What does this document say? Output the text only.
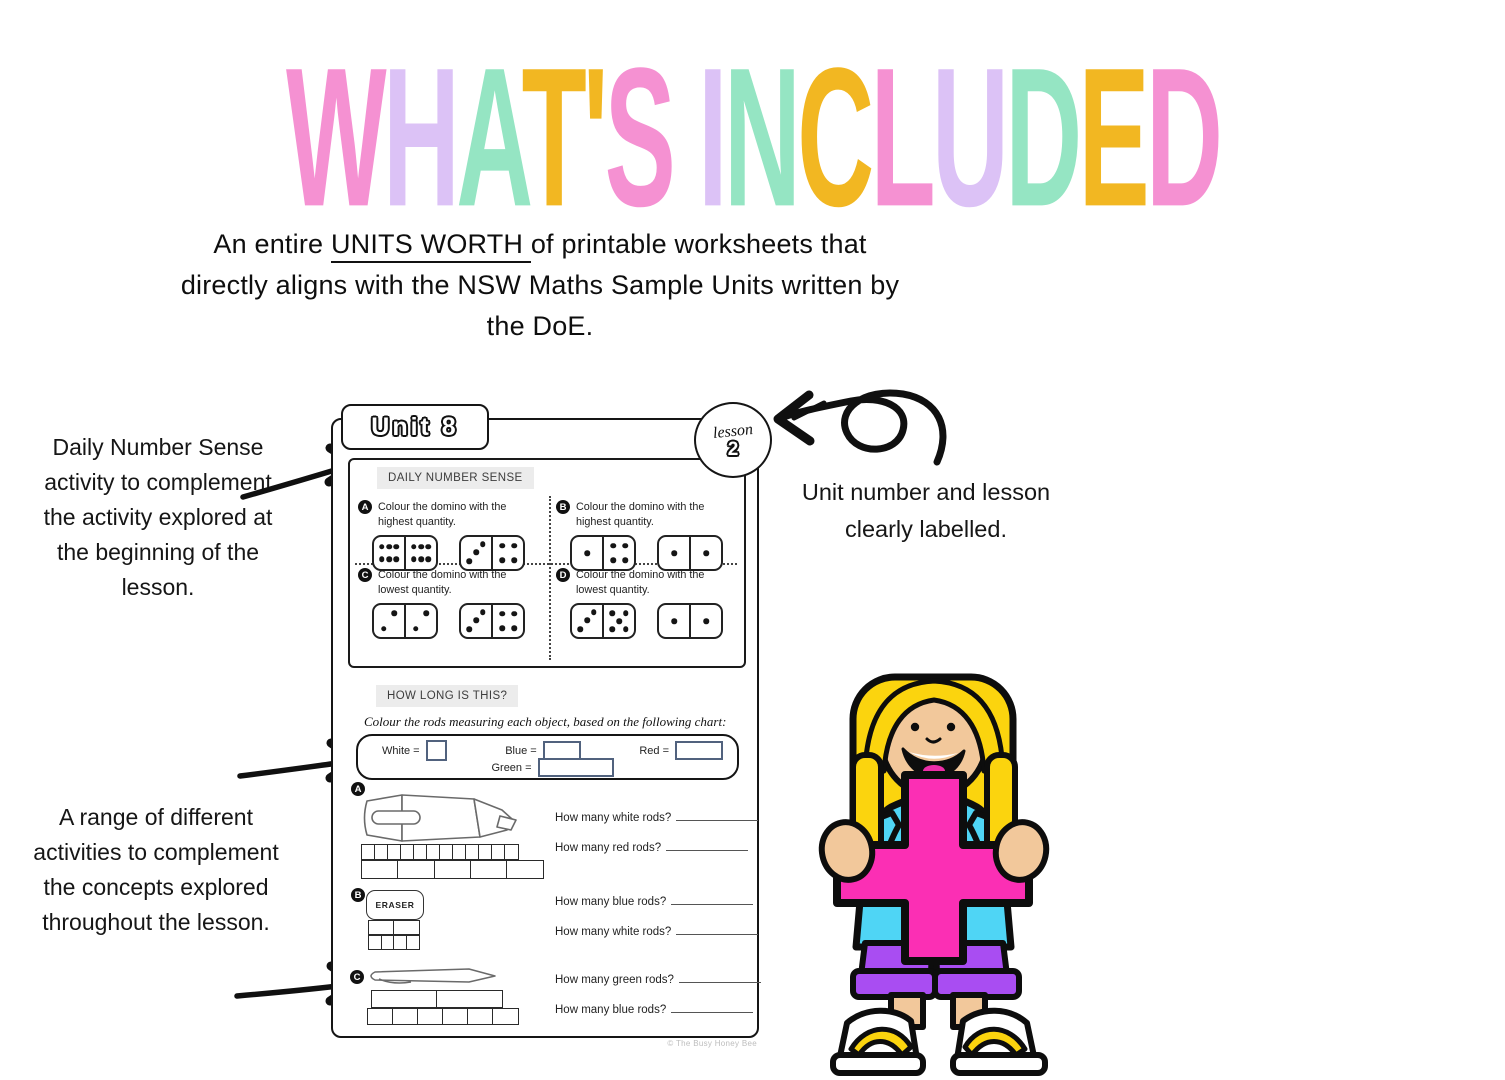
WHAT'S INCLUDED
An entire UNITS WORTH of printable worksheets that
directly aligns with the NSW Maths Sample Units written by
the DoE.
Daily Number Sense activity to complement the activity explored at the beginning of the lesson.
A range of different activities to complement the concepts explored throughout the lesson.
Unit number and lesson clearly labelled.
Unit 8	lesson
2
DAILY NUMBER SENSE
A Colour the domino with the highest quantity.
B Colour the domino with the highest quantity.
C Colour the domino with the lowest quantity.
D Colour the domino with the lowest quantity.
HOW LONG IS THIS?
Colour the rods measuring each object, based on the following chart:
White =	Blue =	Red =
Green =
A
How many white rods?
How many red rods?
B
ERASER	How many blue rods?
How many white rods?
C	How many green rods?
How many blue rods?
© The Busy Honey Bee
